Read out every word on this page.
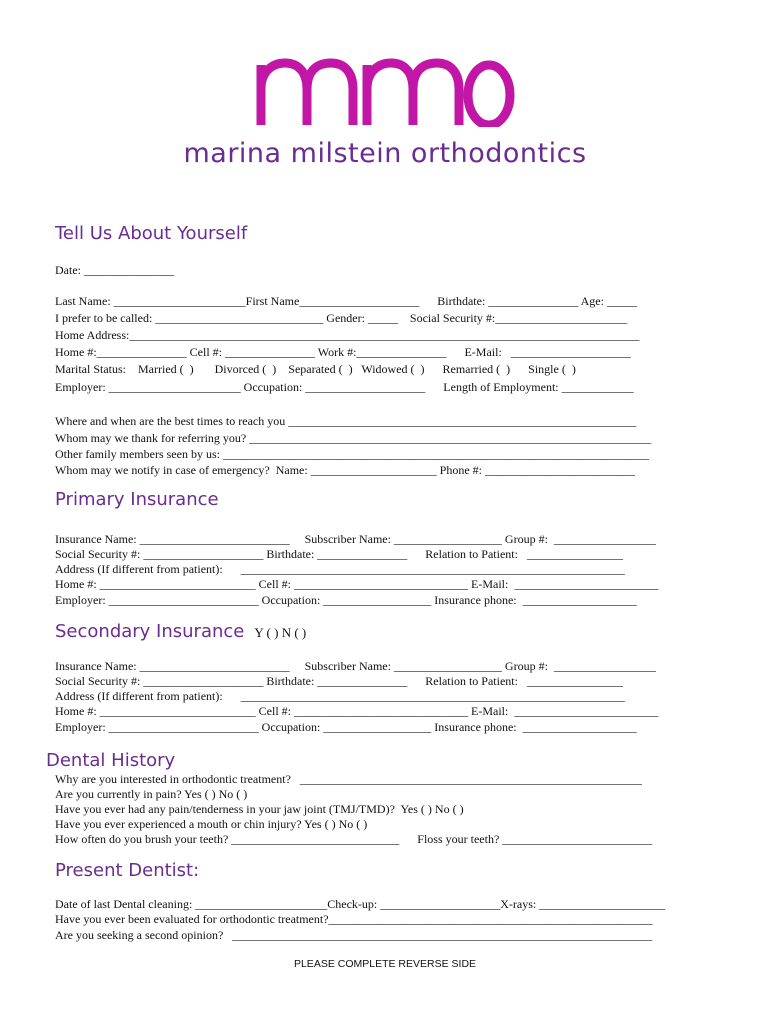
marina milstein orthodontics
Tell Us About Yourself
Date: _______________
Last Name: ______________________First Name____________________      Birthdate: _______________ Age: _____
I prefer to be called: ____________________________ Gender: _____    Social Security #:______________________
Home Address:_____________________________________________________________________________________
Home #:_______________ Cell #: _______________ Work #:_______________      E-Mail:   ____________________
Marital Status:    Married (  )       Divorced (  )    Separated (  )   Widowed (  )      Remarried (  )      Single (  )
Employer: ______________________ Occupation: ____________________      Length of Employment: ____________
Where and when are the best times to reach you __________________________________________________________
Whom may we thank for referring you? ___________________________________________________________________
Other family members seen by us: _______________________________________________________________________
Whom may we notify in case of emergency?  Name: _____________________ Phone #: _________________________
Primary Insurance
Insurance Name: _________________________     Subscriber Name: __________________ Group #:  _________________
Social Security #: ____________________ Birthdate: _______________      Relation to Patient:   ________________
Address (If different from patient):      ________________________________________________________________
Home #: __________________________ Cell #: _____________________________ E-Mail:  ________________________
Employer: _________________________ Occupation: __________________ Insurance phone:  ___________________
Secondary Insurance Y ( ) N ( )
Insurance Name: _________________________     Subscriber Name: __________________ Group #:  _________________
Social Security #: ____________________ Birthdate: _______________      Relation to Patient:   ________________
Address (If different from patient):      ________________________________________________________________
Home #: __________________________ Cell #: _____________________________ E-Mail:  ________________________
Employer: _________________________ Occupation: __________________ Insurance phone:  ___________________
Dental History
Why are you interested in orthodontic treatment?   _________________________________________________________
Are you currently in pain? Yes ( ) No ( )
Have you ever had any pain/tenderness in your jaw joint (TMJ/TMD)?  Yes ( ) No ( )
Have you ever experienced a mouth or chin injury? Yes ( ) No ( )
How often do you brush your teeth? ____________________________      Floss your teeth? _________________________
Present Dentist:
Date of last Dental cleaning: ______________________Check-up: ____________________X-rays: _____________________
Have you ever been evaluated for orthodontic treatment?______________________________________________________
Are you seeking a second opinion?   ______________________________________________________________________
PLEASE COMPLETE REVERSE SIDE
